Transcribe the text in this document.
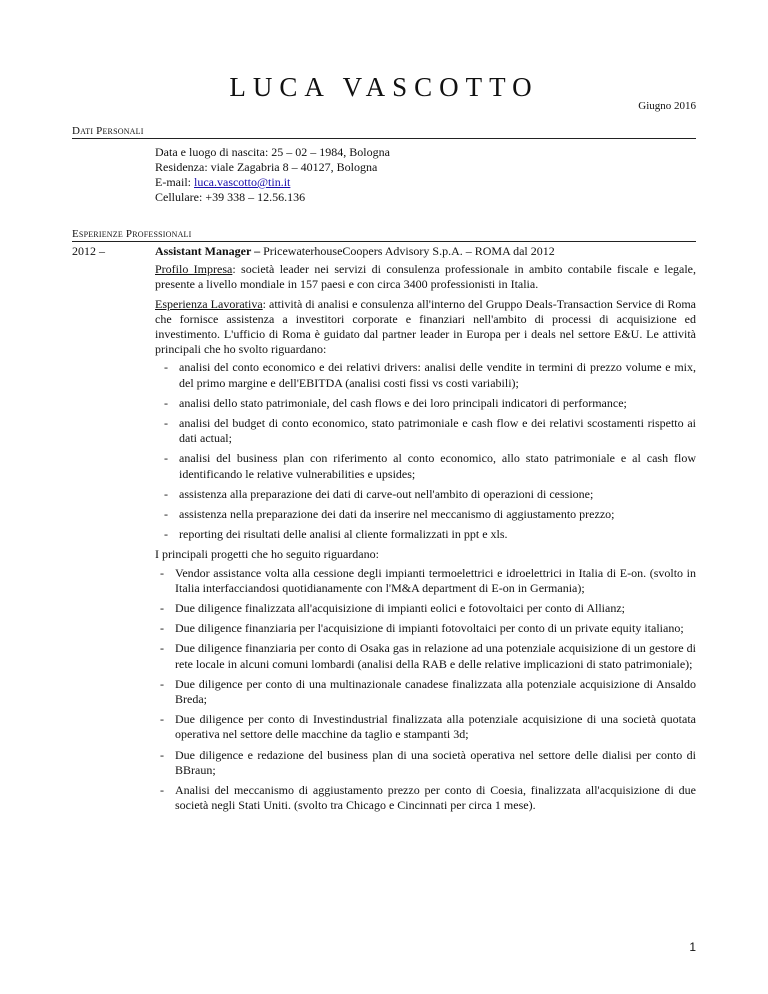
LUCA VASCOTTO
Giugno 2016
Dati Personali
Data e luogo di nascita: 25 – 02 – 1984, Bologna
Residenza: viale Zagabria 8 – 40127, Bologna
E-mail: luca.vascotto@tin.it
Cellulare: +39 338 – 12.56.136
Esperienze Professionali
2012 –	Assistant Manager – PricewaterhouseCoopers Advisory S.p.A. – ROMA dal 2012

Profilo Impresa: società leader nei servizi di consulenza professionale in ambito contabile fiscale e legale, presente a livello mondiale in 157 paesi e con circa 3400 professionisti in Italia.

Esperienza Lavorativa: attività di analisi e consulenza all'interno del Gruppo Deals-Transaction Service di Roma che fornisce assistenza a investitori corporate e finanziari nell'ambito di processi di acquisizione ed investimento. L'ufficio di Roma è guidato dal partner leader in Europa per i deals nel settore E&U. Le attività principali che ho svolto riguardano:

- analisi del conto economico e dei relativi drivers: analisi delle vendite in termini di prezzo volume e mix, del primo margine e dell'EBITDA (analisi costi fissi vs costi variabili);
- analisi dello stato patrimoniale, del cash flows e dei loro principali indicatori di performance;
- analisi del budget di conto economico, stato patrimoniale e cash flow e dei relativi scostamenti rispetto ai dati actual;
- analisi del business plan con riferimento al conto economico, allo stato patrimoniale e al cash flow identificando le relative vulnerabilities e upsides;
- assistenza alla preparazione dei dati di carve-out nell'ambito di operazioni di cessione;
- assistenza nella preparazione dei dati da inserire nel meccanismo di aggiustamento prezzo;
- reporting dei risultati delle analisi al cliente formalizzati in ppt e xls.

I principali progetti che ho seguito riguardano:

- Vendor assistance volta alla cessione degli impianti termoelettrici e idroelettrici in Italia di E-on. (svolto in Italia interfacciandosi quotidianamente con l'M&A department di E-on in Germania);
- Due diligence finalizzata all'acquisizione di impianti eolici e fotovoltaici per conto di Allianz;
- Due diligence finanziaria per l'acquisizione di impianti fotovoltaici per conto di un private equity italiano;
- Due diligence finanziaria per conto di Osaka gas in relazione ad una potenziale acquisizione di un gestore di rete locale in alcuni comuni lombardi (analisi della RAB e delle relative implicazioni di stato patrimoniale);
- Due diligence per conto di una multinazionale canadese finalizzata alla potenziale acquisizione di Ansaldo Breda;
- Due diligence per conto di Investindustrial finalizzata alla potenziale acquisizione di una società quotata operativa nel settore delle macchine da taglio e stampanti 3d;
- Due diligence e redazione del business plan di una società operativa nel settore delle dialisi per conto di BBraun;
- Analisi del meccanismo di aggiustamento prezzo per conto di Coesia, finalizzata all'acquisizione di due società negli Stati Uniti. (svolto tra Chicago e Cincinnati per circa 1 mese).
1
